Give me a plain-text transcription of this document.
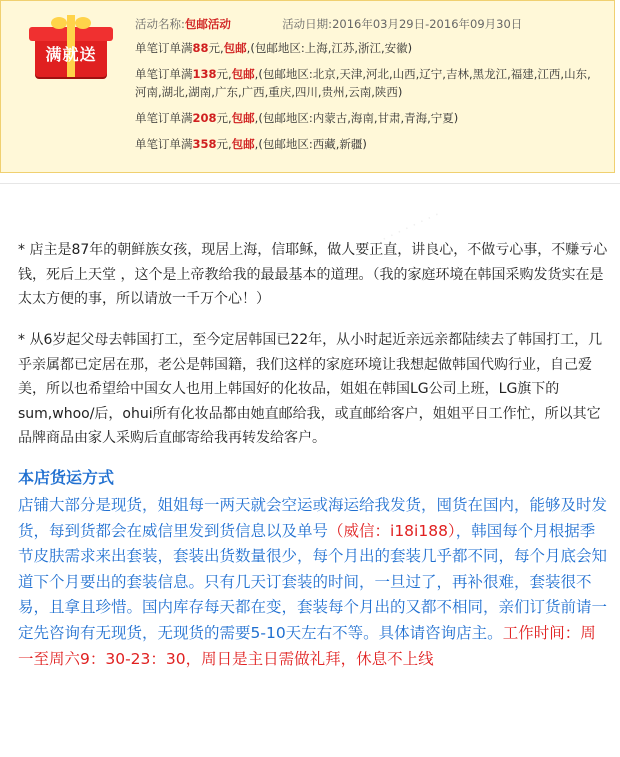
满就送
活动名称:包邮活动	活动日期:2016年03月29日-2016年09月30日
单笔订单满88元,包邮,(包邮地区:上海,江苏,浙江,安徽)
单笔订单满138元,包邮,(包邮地区:北京,天津,河北,山西,辽宁,吉林,黑龙江,福建,江西,山东,
河南,湖北,湖南,广东,广西,重庆,四川,贵州,云南,陕西)
单笔订单满208元,包邮,(包邮地区:内蒙古,海南,甘肃,青海,宁夏)
单笔订单满358元,包邮,(包邮地区:西藏,新疆)
* 店主是87年的朝鲜族女孩，现居上海，信耶稣，做人要正直，讲良心，不做亏心事，不赚亏心钱，死后上天堂 ，这个是上帝教给我的最最基本的道理。（我的家庭环境在韩国采购发货实在是太太方便的事，所以请放一千万个心！）
* 从6岁起父母去韩国打工，至今定居韩国已22年，从小时起近亲远亲都陆续去了韩国打工，几乎亲属都已定居在那，老公是韩国籍，我们这样的家庭环境让我想起做韩国代购行业，自己爱美，所以也希望给中国女人也用上韩国好的化妆品，姐姐在韩国LG公司上班，LG旗下的sum,whoo/后，ohui所有化妆品都由她直邮给我，或直邮给客户，姐姐平日工作忙，所以其它品牌商品由家人采购后直邮寄给我再转发给客户。
本店货运方式
店铺大部分是现货，姐姐每一两天就会空运或海运给我发货，囤货在国内，能够及时发货，每到货都会在威信里发到货信息以及单号（威信：i18i188），韩国每个月根据季节皮肤需求来出套装，套装出货数量很少，每个月出的套装几乎都不同，每个月底会知道下个月要出的套装信息。只有几天订套装的时间，一旦过了，再补很难，套装很不易，且拿且珍惜。国内库存每天都在变，套装每个月出的又都不相同，亲们订货前请一定先咨询有无现货，无现货的需要5-10天左右不等。具体请咨询店主。工作时间：周一至周六9：30-23：30，周日是主日需做礼拜，休息不上线
· · · · · · · ·
